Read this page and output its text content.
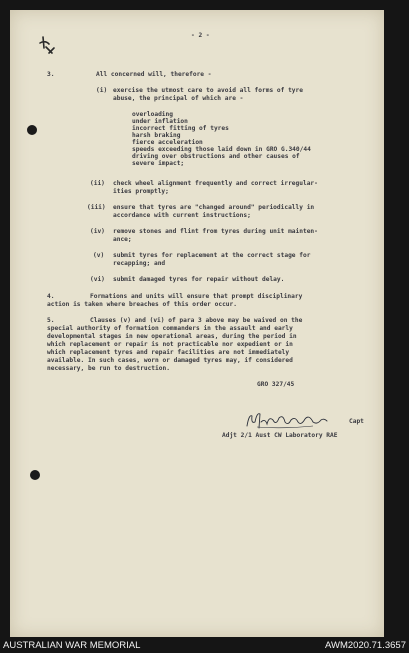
- 2 -
3.	All concerned will, therefore -
(i) exercise the utmost care to avoid all forms of tyre
abuse, the principal of which are -
overloading
under inflation
incorrect fitting of tyres
harsh braking
fierce acceleration
speeds exceeding those laid down in GRO G.340/44
driving over obstructions and other causes of
severe impact;
(ii) check wheel alignment frequently and correct irregular-
ities promptly;
(iii) ensure that tyres are "changed around" periodically in
accordance with current instructions;
(iv) remove stones and flint from tyres during unit mainten-
ance;
(v) submit tyres for replacement at the correct stage for
recapping; and
(vi) submit damaged tyres for repair without delay.
4.	Formations and units will ensure that prompt disciplinary
action is taken where breaches of this order occur.
5.	Clauses (v) and (vi) of para 3 above may be waived on the
special authority of formation commanders in the assault and early
developmental stages in new operational areas, during the period in
which replacement or repair is not practicable nor expedient or in
which replacement tyres and repair facilities are not immediately
available. In such cases, worn or damaged tyres may, if considered
necessary, be run to destruction.
GRO 327/45
Capt
Adjt 2/1 Aust CW Laboratory RAE
AUSTRALIAN WAR MEMORIAL	AWM2020.71.3657
